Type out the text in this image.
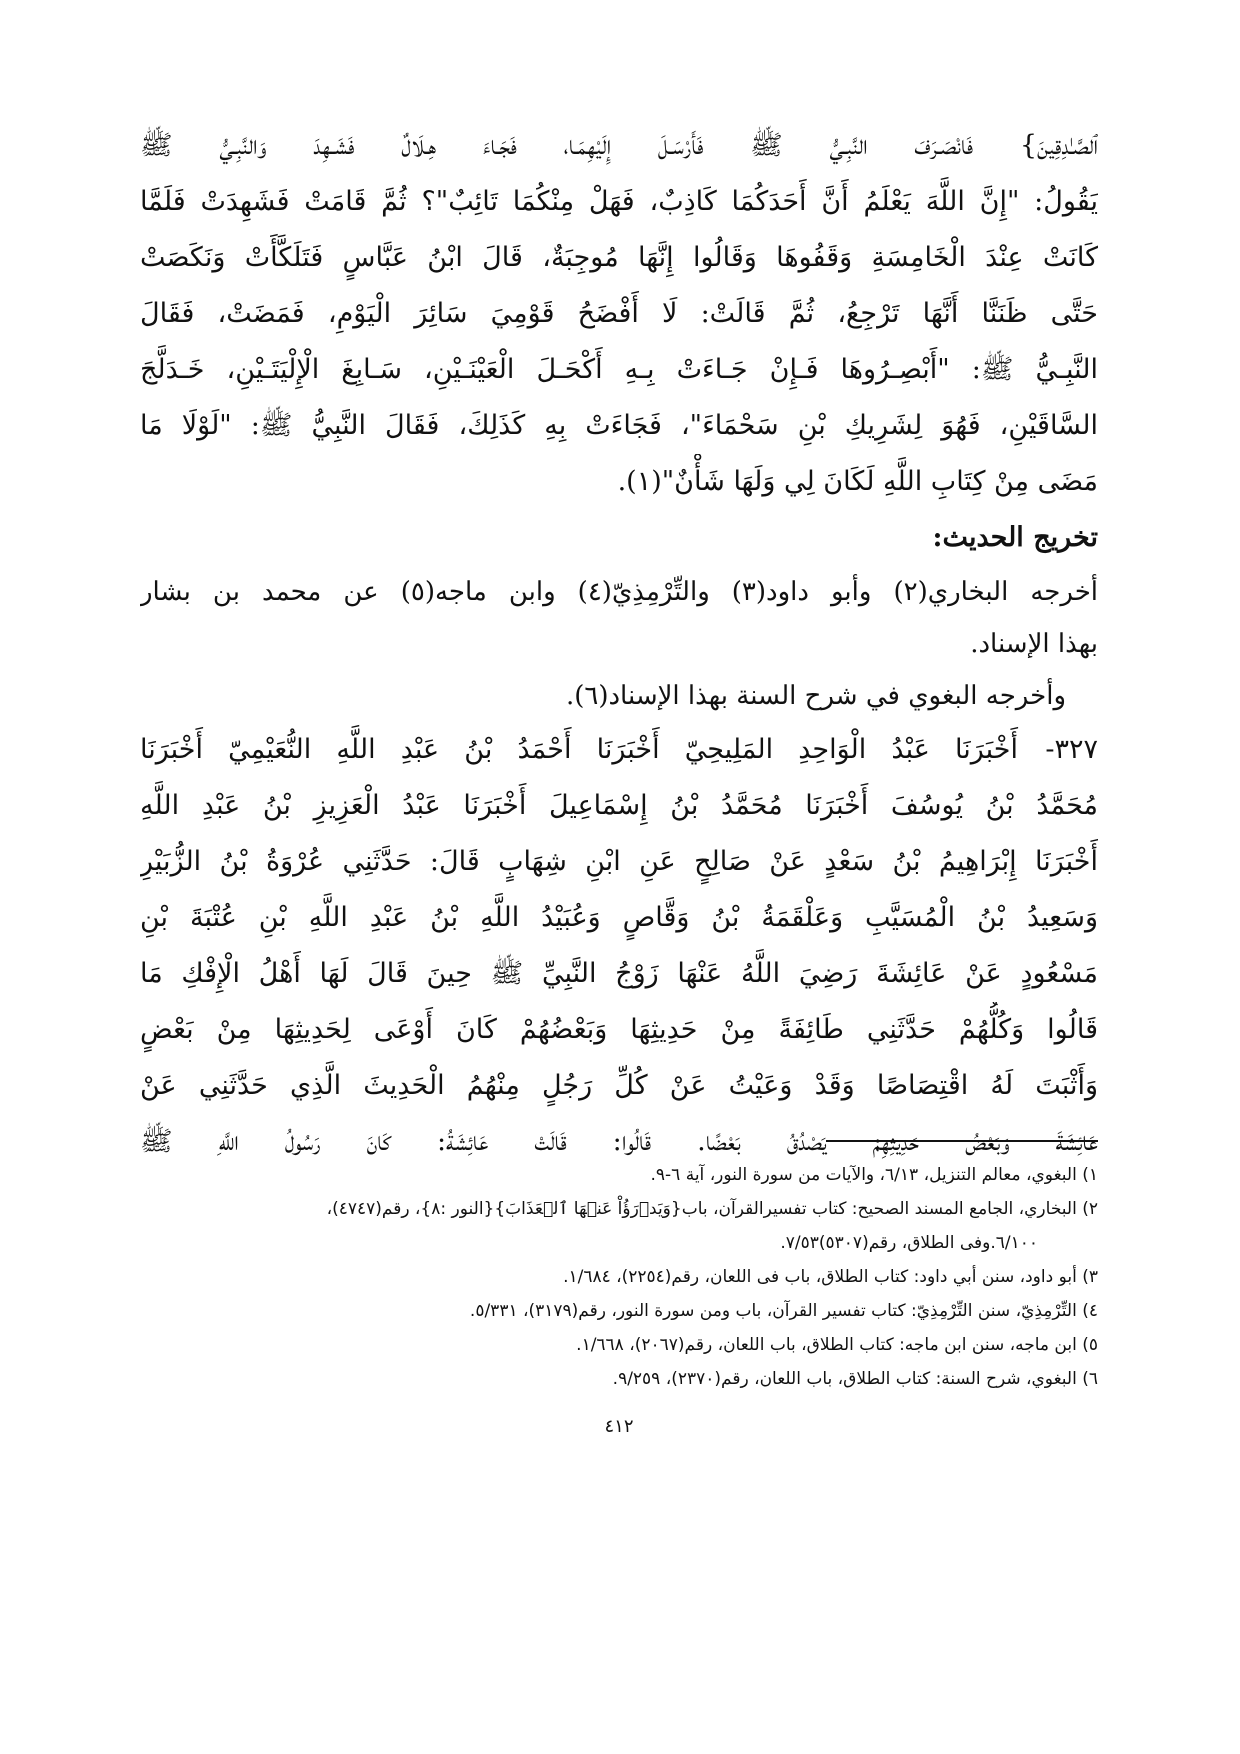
ٱلصَّـٰدِقِينَ} فَانْصَـرَفَ النَّبِـيُّ ﷺ فَأَرْسَـلَ إِلَيْهِمَـا، فَجَـاءَ هِـلَالٌ فَشَـهِدَ وَالنَّبِـيُّ ﷺ
يَقُولُ: "إِنَّ اللَّهَ يَعْلَمُ أَنَّ أَحَدَكُمَا كَاذِبٌ، فَهَلْ مِنْكُمَا تَائِبٌ"؟ ثُمَّ قَامَتْ فَشَهِدَتْ فَلَمَّا
كَانَتْ عِنْدَ الْخَامِسَةِ وَقَفُوهَا وَقَالُوا إِنَّهَا مُوجِبَةٌ، قَالَ ابْنُ عَبَّاسٍ فَتَلَكَّأَتْ وَنَكَصَتْ
حَتَّى ظَنَنَّا أَنَّهَا تَرْجِعُ، ثُمَّ قَالَتْ: لَا أَفْضَحُ قَوْمِيَ سَائِرَ الْيَوْمِ، فَمَضَتْ، فَقَالَ
النَّبِـيُّ ﷺ: "أَبْصِـرُوهَا فَـإِنْ جَـاءَتْ بِـهِ أَكْحَـلَ الْعَيْنَـيْنِ، سَـابِغَ الْإِلْيَتَـيْنِ، خَـدَلَّجَ
السَّاقَيْنِ، فَهُوَ لِشَرِيكِ بْنِ سَحْمَاءَ"، فَجَاءَتْ بِهِ كَذَلِكَ، فَقَالَ النَّبِيُّ ﷺ: "لَوْلَا مَا
مَضَى مِنْ كِتَابِ اللَّهِ لَكَانَ لِي وَلَهَا شَأْنٌ"(١).
تخريج الحديث:
أخرجه البخاري(٢) وأبو داود(٣) والتِّرْمِذِيّ(٤) وابن ماجه(٥) عن محمد بن بشار
بهذا الإسناد.
وأخرجه البغوي في شرح السنة بهذا الإسناد(٦).
٣٢٧-أَخْبَرَنَا عَبْدُ الْوَاحِدِ المَلِيحِيّ أَخْبَرَنَا أَحْمَدُ بْنُ عَبْدِ اللَّهِ النُّعَيْمِيّ أَخْبَرَنَا
مُحَمَّدُ بْنُ يُوسُفَ أَخْبَرَنَا مُحَمَّدُ بْنُ إِسْمَاعِيلَ أَخْبَرَنَا عَبْدُ الْعَزِيزِ بْنُ عَبْدِ اللَّهِ
أَخْبَرَنَا إِبْرَاهِيمُ بْنُ سَعْدٍ عَنْ صَالِحٍ عَنِ ابْنِ شِهَابٍ قَالَ: حَدَّثَنِي عُرْوَةُ بْنُ الزُّبَيْرِ
وَسَعِيدُ بْنُ الْمُسَيَّبِ وَعَلْقَمَةُ بْنُ وَقَّاصٍ وَعُبَيْدُ اللَّهِ بْنُ عَبْدِ اللَّهِ بْنِ عُتْبَةَ بْنِ
مَسْعُودٍ عَنْ عَائِشَةَ رَضِيَ اللَّهُ عَنْهَا زَوْجُ النَّبِيِّ ﷺ حِينَ قَالَ لَهَا أَهْلُ الْإِفْكِ مَا
قَالُوا وَكُلُّهُمْ حَدَّثَنِي طَائِفَةً مِنْ حَدِيثِهَا وَبَعْضُهُمْ كَانَ أَوْعَى لِحَدِيثِهَا مِنْ بَعْضٍ
وَأَثْبَتَ لَهُ اقْتِصَاصًا وَقَدْ وَعَيْتُ عَنْ كُلِّ رَجُلٍ مِنْهُمُ الْحَدِيثَ الَّذِي حَدَّثَنِي عَنْ
عَائِشَةَ وَبَعْضُ حَدِيثِهِمْ يَصْدُقُ بَعْضًا. قَالُوا: قَالَتْ عَائِشَةُ: كَانَ رَسُولُ اللَّهِ ﷺ
١) البغوي، معالم التنزيل، ٦/١٣، والآيات من سورة النور، آية ٦-٩.
٢) البخاري، الجامع المسند الصحيح: كتاب تفسيرالقرآن، باب{وَيَدۡرَؤُاْ عَنۡهَا ٱلۡعَذَابَ}{النور :٨}، رقم(٤٧٤٧)،
٦/١٠٠.وفى الطلاق، رقم(٥٣٠٧)٧/٥٣.
٣) أبو داود، سنن أبي داود: كتاب الطلاق، باب فى اللعان، رقم(٢٢٥٤)، ١/٦٨٤.
٤) التِّرْمِذِيّ، سنن التِّرْمِذِيّ: كتاب تفسير القرآن، باب ومن سورة النور، رقم(٣١٧٩)، ٥/٣٣١.
٥) ابن ماجه، سنن ابن ماجه: كتاب الطلاق، باب اللعان، رقم(٢٠٦٧)، ١/٦٦٨.
٦) البغوي، شرح السنة: كتاب الطلاق، باب اللعان، رقم(٢٣٧٠)، ٩/٢٥٩.
٤١٢
